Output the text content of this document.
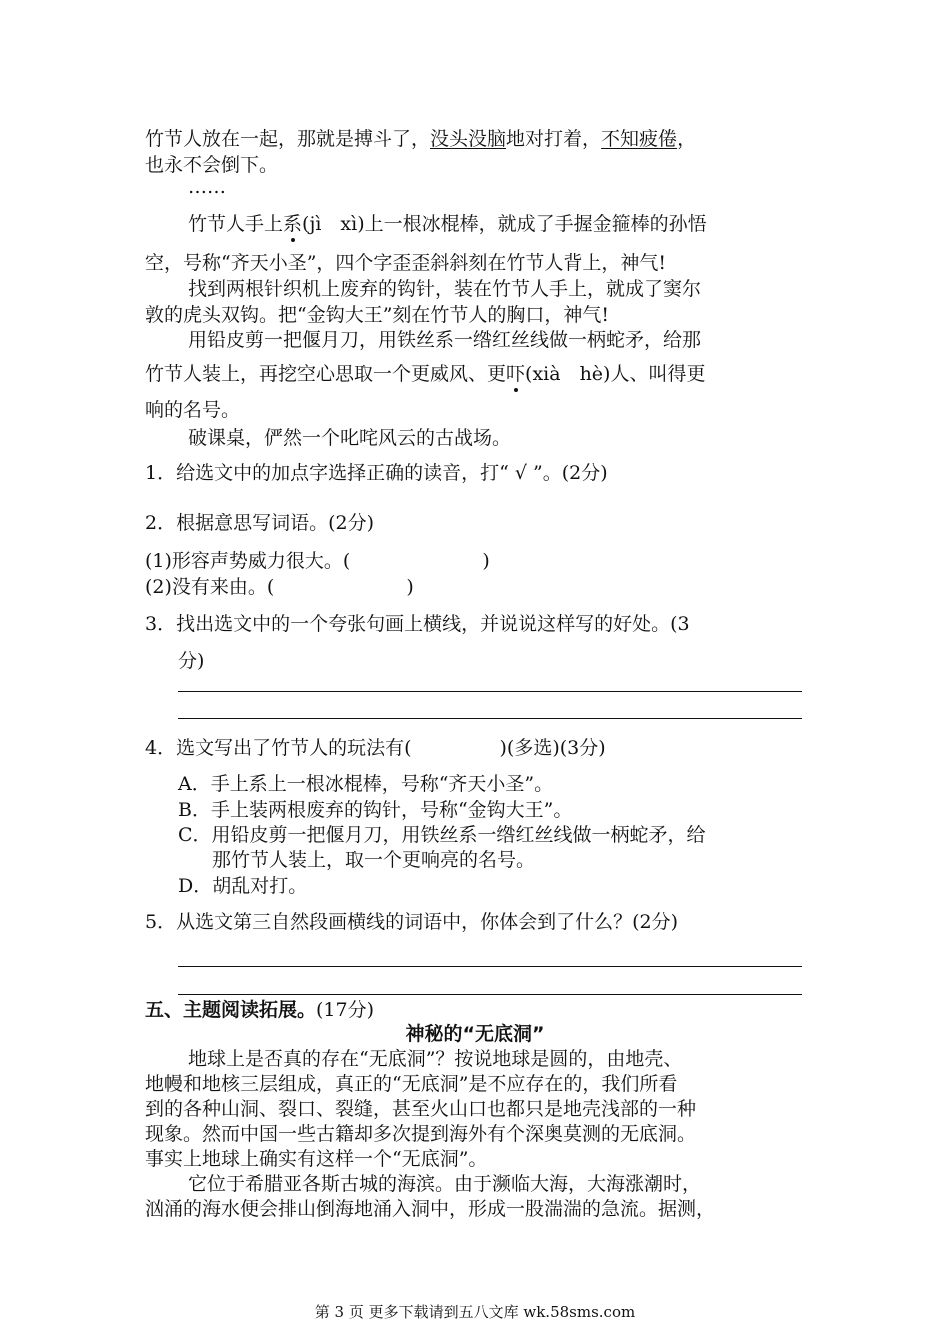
竹节人放在一起，那就是搏斗了，没头没脑地对打着，不知疲倦，
也永不会倒下。
……
竹节人手上系(jì　xì)上一根冰棍棒，就成了手握金箍棒的孙悟
空，号称“齐天小圣”，四个字歪歪斜斜刻在竹节人背上，神气!
找到两根针织机上废弃的钩针，装在竹节人手上，就成了窦尔
敦的虎头双钩。把“金钩大王”刻在竹节人的胸口，神气!
用铅皮剪一把偃月刀，用铁丝系一绺红丝线做一柄蛇矛，给那
竹节人装上，再挖空心思取一个更威风、更吓(xià　hè)人、叫得更
响的名号。
破课桌，俨然一个叱咤风云的古战场。
1．给选文中的加点字选择正确的读音，打“ √ ”。(2分)
2．根据意思写词语。(2分)
(1)形容声势威力很大。(	)
(2)没有来由。(	)
3．找出选文中的一个夸张句画上横线，并说说这样写的好处。(3
分)
4．选文写出了竹节人的玩法有(	)(多选)(3分)
A．手上系上一根冰棍棒，号称“齐天小圣”。
B．手上装两根废弃的钩针，号称“金钩大王”。
C．用铅皮剪一把偃月刀，用铁丝系一绺红丝线做一柄蛇矛，给
那竹节人装上，取一个更响亮的名号。
D．胡乱对打。
5．从选文第三自然段画横线的词语中，你体会到了什么？(2分)
五、主题阅读拓展。(17分)
神秘的“无底洞”
地球上是否真的存在“无底洞”？按说地球是圆的，由地壳、
地幔和地核三层组成，真正的“无底洞”是不应存在的，我们所看
到的各种山洞、裂口、裂缝，甚至火山口也都只是地壳浅部的一种
现象。然而中国一些古籍却多次提到海外有个深奥莫测的无底洞。
事实上地球上确实有这样一个“无底洞”。
它位于希腊亚各斯古城的海滨。由于濒临大海，大海涨潮时，
汹涌的海水便会排山倒海地涌入洞中，形成一股湍湍的急流。据测，
第 3 页 更多下载请到五八文库 wk.58sms.com
